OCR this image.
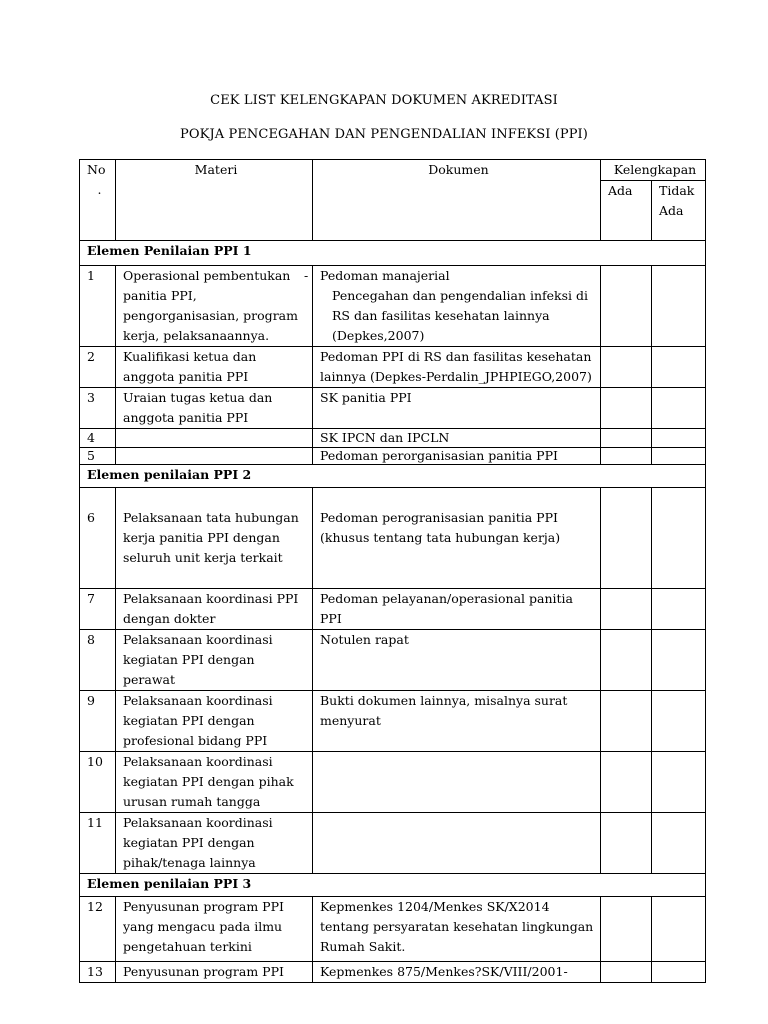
CEK LIST KELENGKAPAN DOKUMEN AKREDITASI
POKJA PENCEGAHAN DAN PENGENDALIAN INFEKSI (PPI)
No
.	Materi	Dokumen	Kelengkapan	
			Ada	Tidak
Ada
Elemen Penilaian PPI 1				
1	Operasional pembentukan panitia PPI, pengorganisasian, program kerja, pelaksanaannya.	- Pedoman manajerial
Pencegahan dan pengendalian infeksi di RS dan fasilitas kesehatan lainnya (Depkes,2007)		

2	Kualifikasi ketua dan anggota panitia PPI	Pedoman PPI di RS dan fasilitas kesehatan lainnya (Depkes-Perdalin_JPHPIEGO,2007)		
3	Uraian tugas ketua dan anggota panitia PPI	SK panitia PPI		
4		SK IPCN dan IPCLN		
5		Pedoman perorganisasian panitia PPI		
Elemen penilaian PPI 2				
6	Pelaksanaan tata hubungan kerja panitia PPI dengan seluruh unit kerja terkait	Pedoman perogranisasian panitia PPI (khusus tentang tata hubungan kerja)		
7	Pelaksanaan koordinasi PPI dengan dokter	Pedoman pelayanan/operasional panitia PPI		
8	Pelaksanaan koordinasi kegiatan PPI dengan perawat	Notulen rapat		
9	Pelaksanaan koordinasi kegiatan PPI dengan profesional bidang PPI	Bukti dokumen lainnya, misalnya surat menyurat		
10	Pelaksanaan koordinasi kegiatan PPI dengan pihak urusan rumah tangga			
11	Pelaksanaan koordinasi kegiatan PPI dengan pihak/tenaga lainnya			
Elemen penilaian PPI 3				
12	Penyusunan program PPI yang mengacu pada ilmu pengetahuan terkini	Kepmenkes 1204/Menkes SK/X2014 tentang persyaratan kesehatan lingkungan Rumah Sakit.		
13	Penyusunan program PPI	Kepmenkes 875/Menkes?SK/VIII/2001-		
